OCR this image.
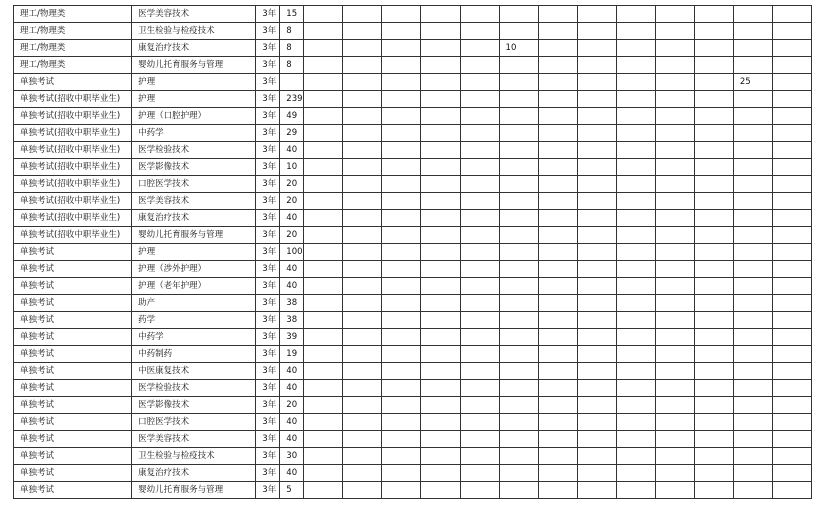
理工/物理类	医学美容技术	3年	15													
理工/物理类	卫生检验与检疫技术	3年	8													
理工/物理类	康复治疗技术	3年	8						10							
理工/物理类	婴幼儿托育服务与管理	3年	8													
单独考试	护理	3年													25	
单独考试(招收中职毕业生)	护理	3年	239													
单独考试(招收中职毕业生)	护理（口腔护理）	3年	49													
单独考试(招收中职毕业生)	中药学	3年	29													
单独考试(招收中职毕业生)	医学检验技术	3年	40													
单独考试(招收中职毕业生)	医学影像技术	3年	10													
单独考试(招收中职毕业生)	口腔医学技术	3年	20													
单独考试(招收中职毕业生)	医学美容技术	3年	20													
单独考试(招收中职毕业生)	康复治疗技术	3年	40													
单独考试(招收中职毕业生)	婴幼儿托育服务与管理	3年	20													
单独考试	护理	3年	100													
单独考试	护理（涉外护理）	3年	40													
单独考试	护理（老年护理）	3年	40													
单独考试	助产	3年	38													
单独考试	药学	3年	38													
单独考试	中药学	3年	39													
单独考试	中药制药	3年	19													
单独考试	中医康复技术	3年	40													
单独考试	医学检验技术	3年	40													
单独考试	医学影像技术	3年	20													
单独考试	口腔医学技术	3年	40													
单独考试	医学美容技术	3年	40													
单独考试	卫生检验与检疫技术	3年	30													
单独考试	康复治疗技术	3年	40													
单独考试	婴幼儿托育服务与管理	3年	5													
